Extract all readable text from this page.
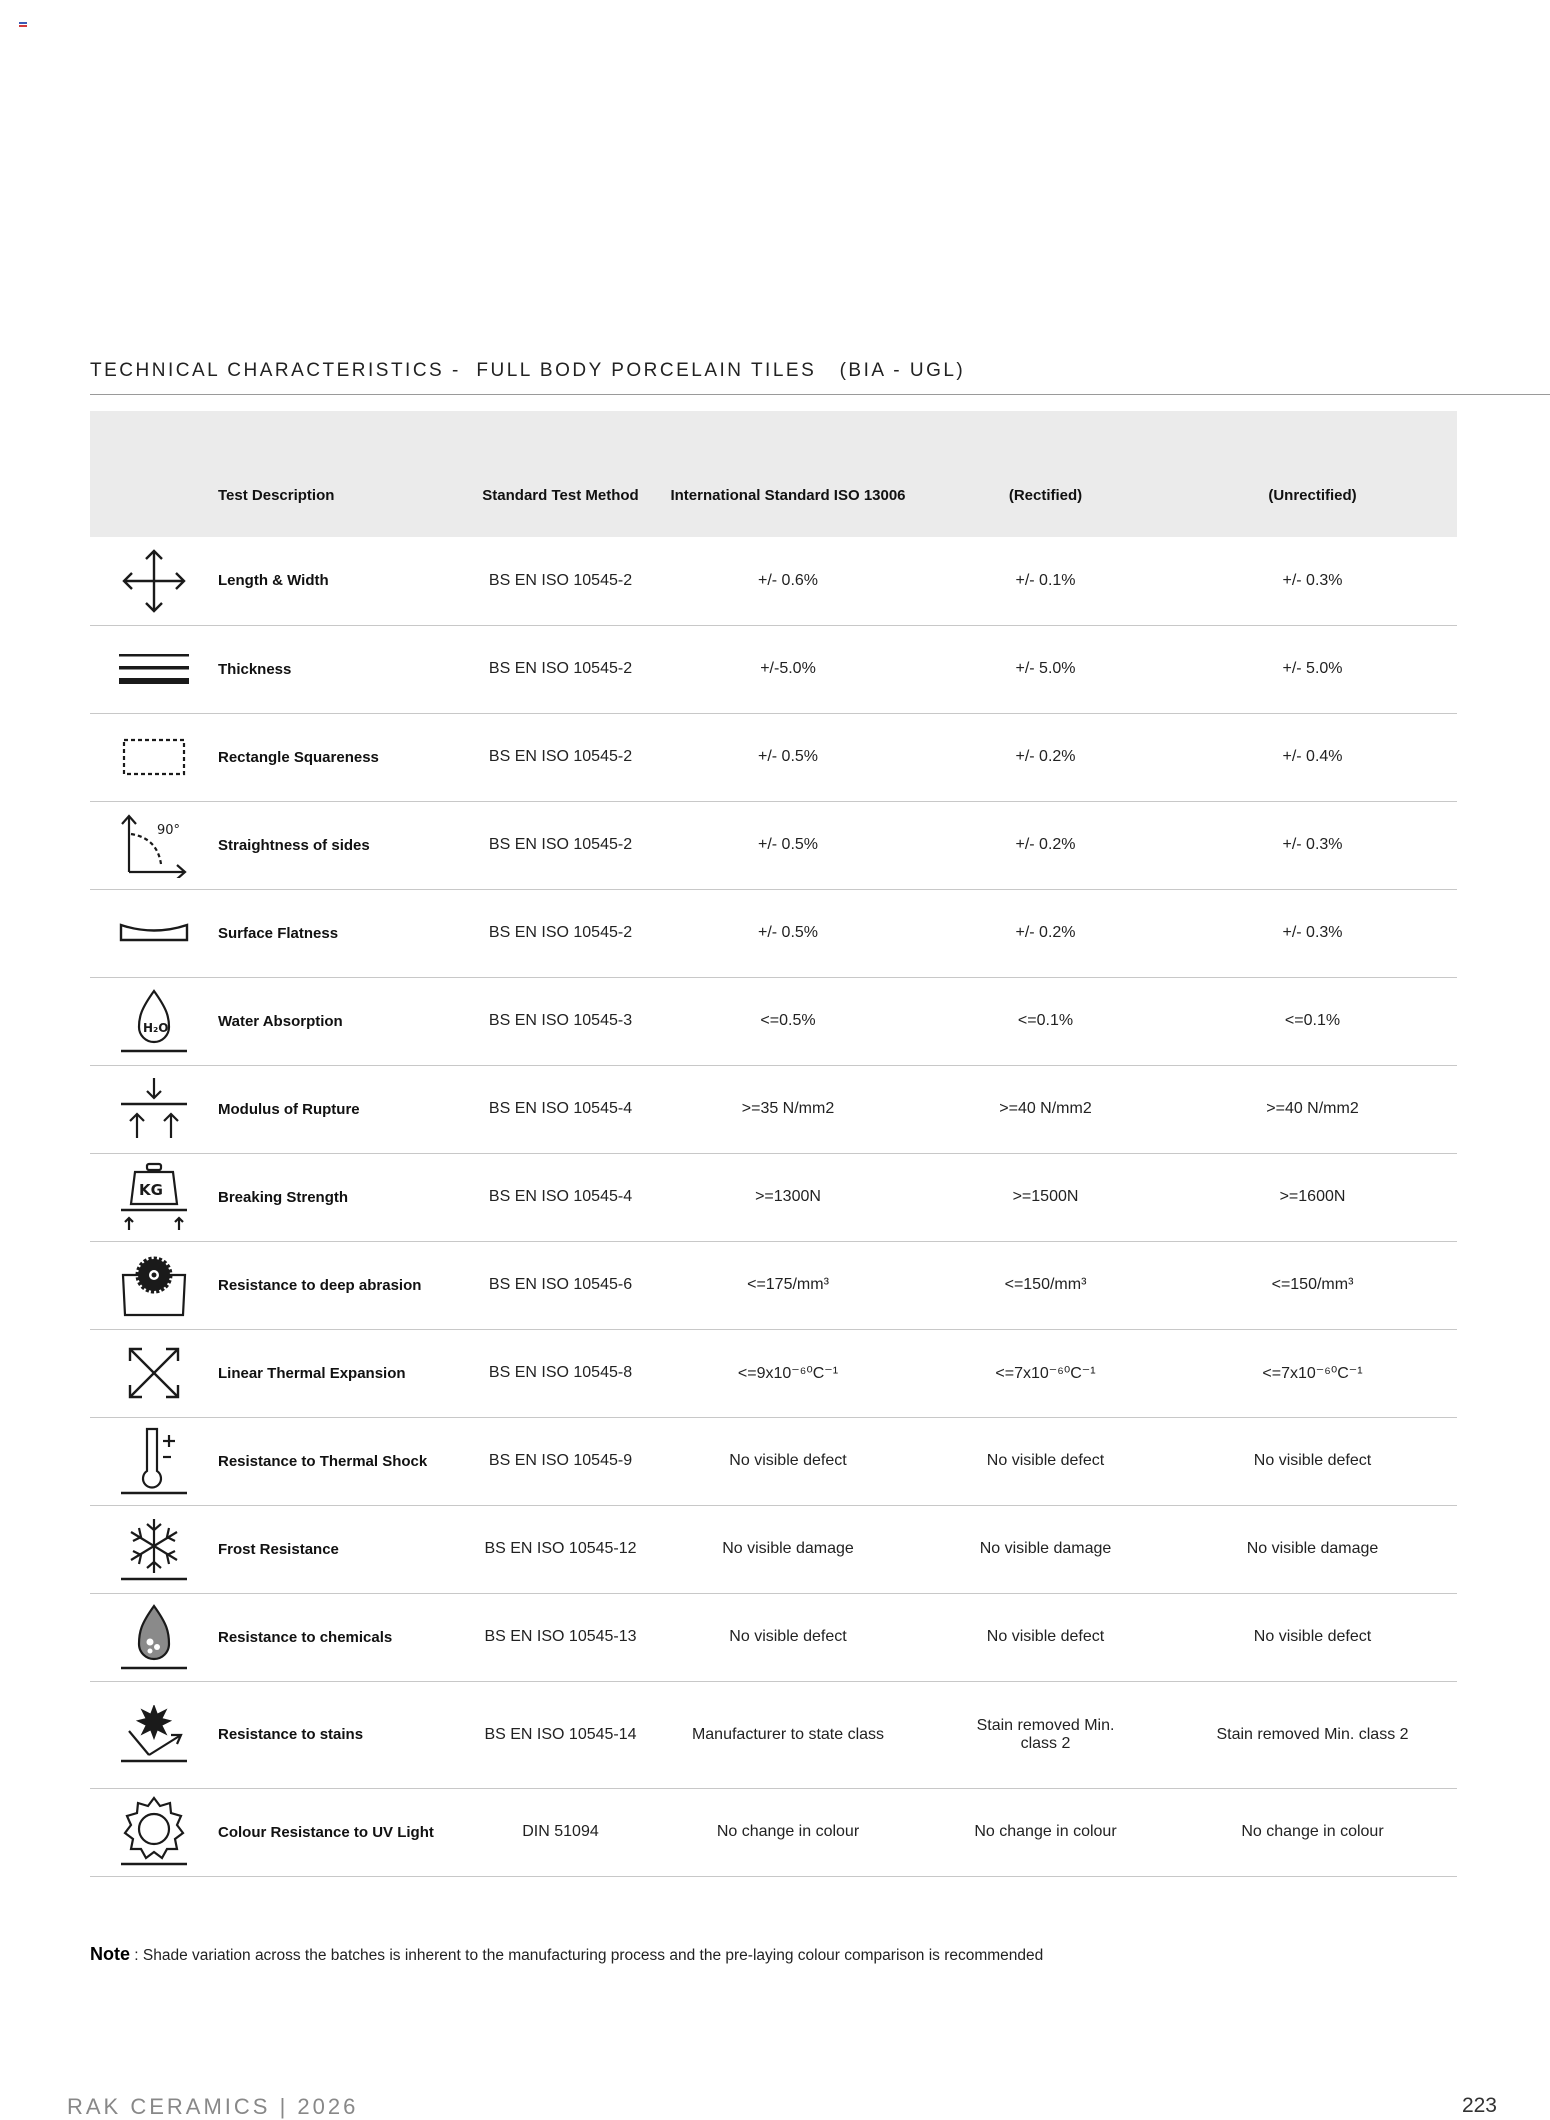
TECHNICAL CHARACTERISTICS -  FULL BODY PORCELAIN TILES   (BIA - UGL)
RAK Ceramics Specifications
	Test Description	Standard Test Method	International Standard ISO 13006	(Rectified)	(Unrectified)

	Length & Width	BS EN ISO 10545-2	+/- 0.6%	+/- 0.1%	+/- 0.3%

	Thickness	BS EN ISO 10545-2	+/-5.0%	+/- 5.0%	+/- 5.0%

	Rectangle Squareness	BS EN ISO 10545-2	+/- 0.5%	+/- 0.2%	+/- 0.4%

90°	Straightness of sides	BS EN ISO 10545-2	+/- 0.5%	+/- 0.2%	+/- 0.3%

	Surface Flatness	BS EN ISO 10545-2	+/- 0.5%	+/- 0.2%	+/- 0.3%

H₂O	Water Absorption	BS EN ISO 10545-3	<=0.5%	<=0.1%	<=0.1%

	Modulus of Rupture	BS EN ISO 10545-4	>=35 N/mm2	>=40 N/mm2	>=40 N/mm2

KG	Breaking Strength	BS EN ISO 10545-4	>=1300N	>=1500N	>=1600N

	Resistance to deep abrasion	BS EN ISO 10545-6	<=175/mm³	<=150/mm³	<=150/mm³

	Linear Thermal Expansion	BS EN ISO 10545-8	<=9x10⁻⁶⁰C⁻¹	<=7x10⁻⁶⁰C⁻¹	<=7x10⁻⁶⁰C⁻¹

	Resistance to Thermal Shock	BS EN ISO 10545-9	No visible defect	No visible defect	No visible defect

	Frost Resistance	BS EN ISO 10545-12	No visible damage	No visible damage	No visible damage

	Resistance to chemicals	BS EN ISO 10545-13	No visible defect	No visible defect	No visible defect

	Resistance to stains	BS EN ISO 10545-14	Manufacturer to state class	Stain removed Min. class 2	Stain removed Min. class 2

	Colour Resistance to UV Light	DIN 51094	No change in colour	No change in colour	No change in colour
Note : Shade variation across the batches is inherent to the manufacturing process and the pre-laying colour comparison is recommended
RAK CERAMICS | 2026	223
